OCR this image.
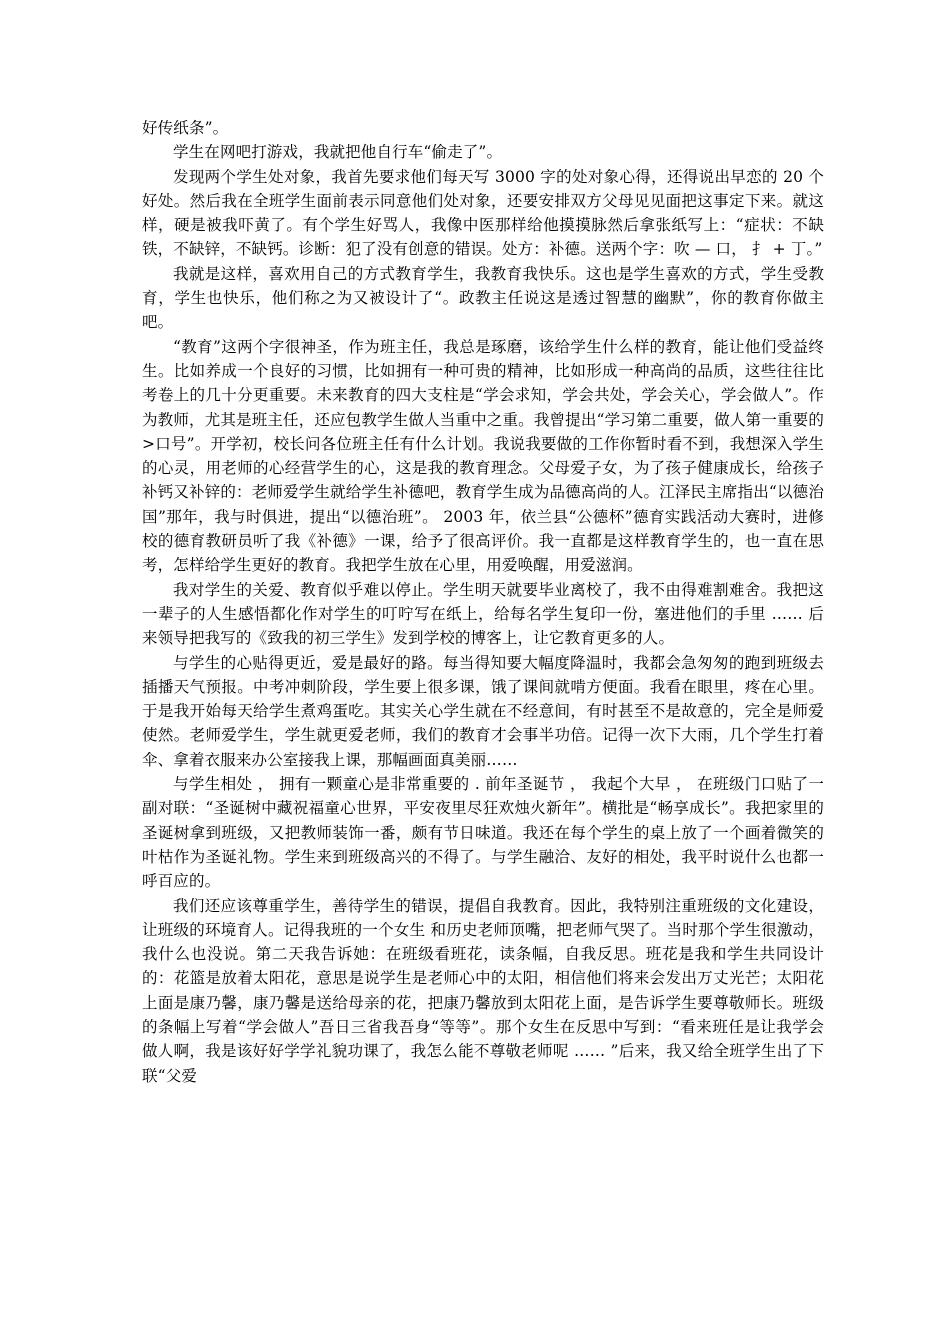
好传纸条”。

学生在网吧打游戏，我就把他自行车“偷走了”。

发现两个学生处对象，我首先要求他们每天写 3000 字的处对象心得，还得说出早恋的 20 个好处。然后我在全班学生面前表示同意他们处对象，还要安排双方父母见见面把这事定下来。就这样，硬是被我吓黄了。有个学生好骂人，我像中医那样给他摸摸脉然后拿张纸写上：“症状：不缺铁，不缺锌，不缺钙。诊断：犯了没有创意的错误。处方：补德。送两个字：吹 — 口， 扌 + 丁。”

我就是这样，喜欢用自己的方式教育学生，我教育我快乐。这也是学生喜欢的方式，学生受教育，学生也快乐，他们称之为又被设计了“。政教主任说这是透过智慧的幽默”，你的教育你做主吧。

“教育”这两个字很神圣，作为班主任，我总是琢磨，该给学生什么样的教育，能让他们受益终生。比如养成一个良好的习惯，比如拥有一种可贵的精神，比如形成一种高尚的品质，这些往往比考卷上的几十分更重要。未来教育的四大支柱是“学会求知，学会共处，学会关心，学会做人”。作为教师，尤其是班主任，还应包教学生做人当重中之重。我曾提出“学习第二重要，做人第一重要的>口号”。开学初，校长问各位班主任有什么计划。我说我要做的工作你暂时看不到，我想深入学生的心灵，用老师的心经营学生的心，这是我的教育理念。父母爱子女，为了孩子健康成长，给孩子补钙又补锌的：老师爱学生就给学生补德吧，教育学生成为品德高尚的人。江泽民主席指出“以德治国”那年，我与时俱进，提出“以德治班”。 2003 年，依兰县“公德杯”德育实践活动大赛时，进修校的德育教研员听了我《补德》一课，给予了很高评价。我一直都是这样教育学生的，也一直在思考，怎样给学生更好的教育。我把学生放在心里，用爱唤醒，用爱滋润。

我对学生的关爱、教育似乎难以停止。学生明天就要毕业离校了，我不由得难割难舍。我把这一辈子的人生感悟都化作对学生的叮咛写在纸上，给每名学生复印一份，塞进他们的手里 …… 后来领导把我写的《致我的初三学生》发到学校的博客上，让它教育更多的人。

与学生的心贴得更近，爱是最好的路。每当得知要大幅度降温时，我都会急匆匆的跑到班级去插播天气预报。中考冲刺阶段，学生要上很多课，饿了课间就啃方便面。我看在眼里，疼在心里。于是我开始每天给学生煮鸡蛋吃。其实关心学生就在不经意间，有时甚至不是故意的，完全是师爱使然。老师爱学生，学生就更爱老师，我们的教育才会事半功倍。记得一次下大雨，几个学生打着伞、拿着衣服来办公室接我上课，那幅画面真美丽……

与学生相处 ， 拥有一颗童心是非常重要的 . 前年圣诞节 ， 我起个大早 ， 在班级门口贴了一副对联：“圣诞树中藏祝福童心世界，平安夜里尽狂欢烛火新年”。横批是“畅享成长”。我把家里的圣诞树拿到班级，又把教师装饰一番，颇有节日味道。我还在每个学生的桌上放了一个画着微笑的叶枯作为圣诞礼物。学生来到班级高兴的不得了。与学生融洽、友好的相处，我平时说什么也都一呼百应的。

我们还应该尊重学生，善待学生的错误，提倡自我教育。因此，我特别注重班级的文化建设，让班级的环境育人。记得我班的一个女生 和历史老师顶嘴，把老师气哭了。当时那个学生很激动，我什么也没说。第二天我告诉她：在班级看班花，读条幅，自我反思。班花是我和学生共同设计的：花篮是放着太阳花，意思是说学生是老师心中的太阳，相信他们将来会发出万丈光芒；太阳花上面是康乃馨，康乃馨是送给母亲的花，把康乃馨放到太阳花上面，是告诉学生要尊敬师长。班级的条幅上写着“学会做人”吾日三省我吾身“等等”。那个女生在反思中写到：“看来班任是让我学会做人啊，我是该好好学学礼貌功课了，我怎么能不尊敬老师呢 …… ”后来，我又给全班学生出了下联“父爱
